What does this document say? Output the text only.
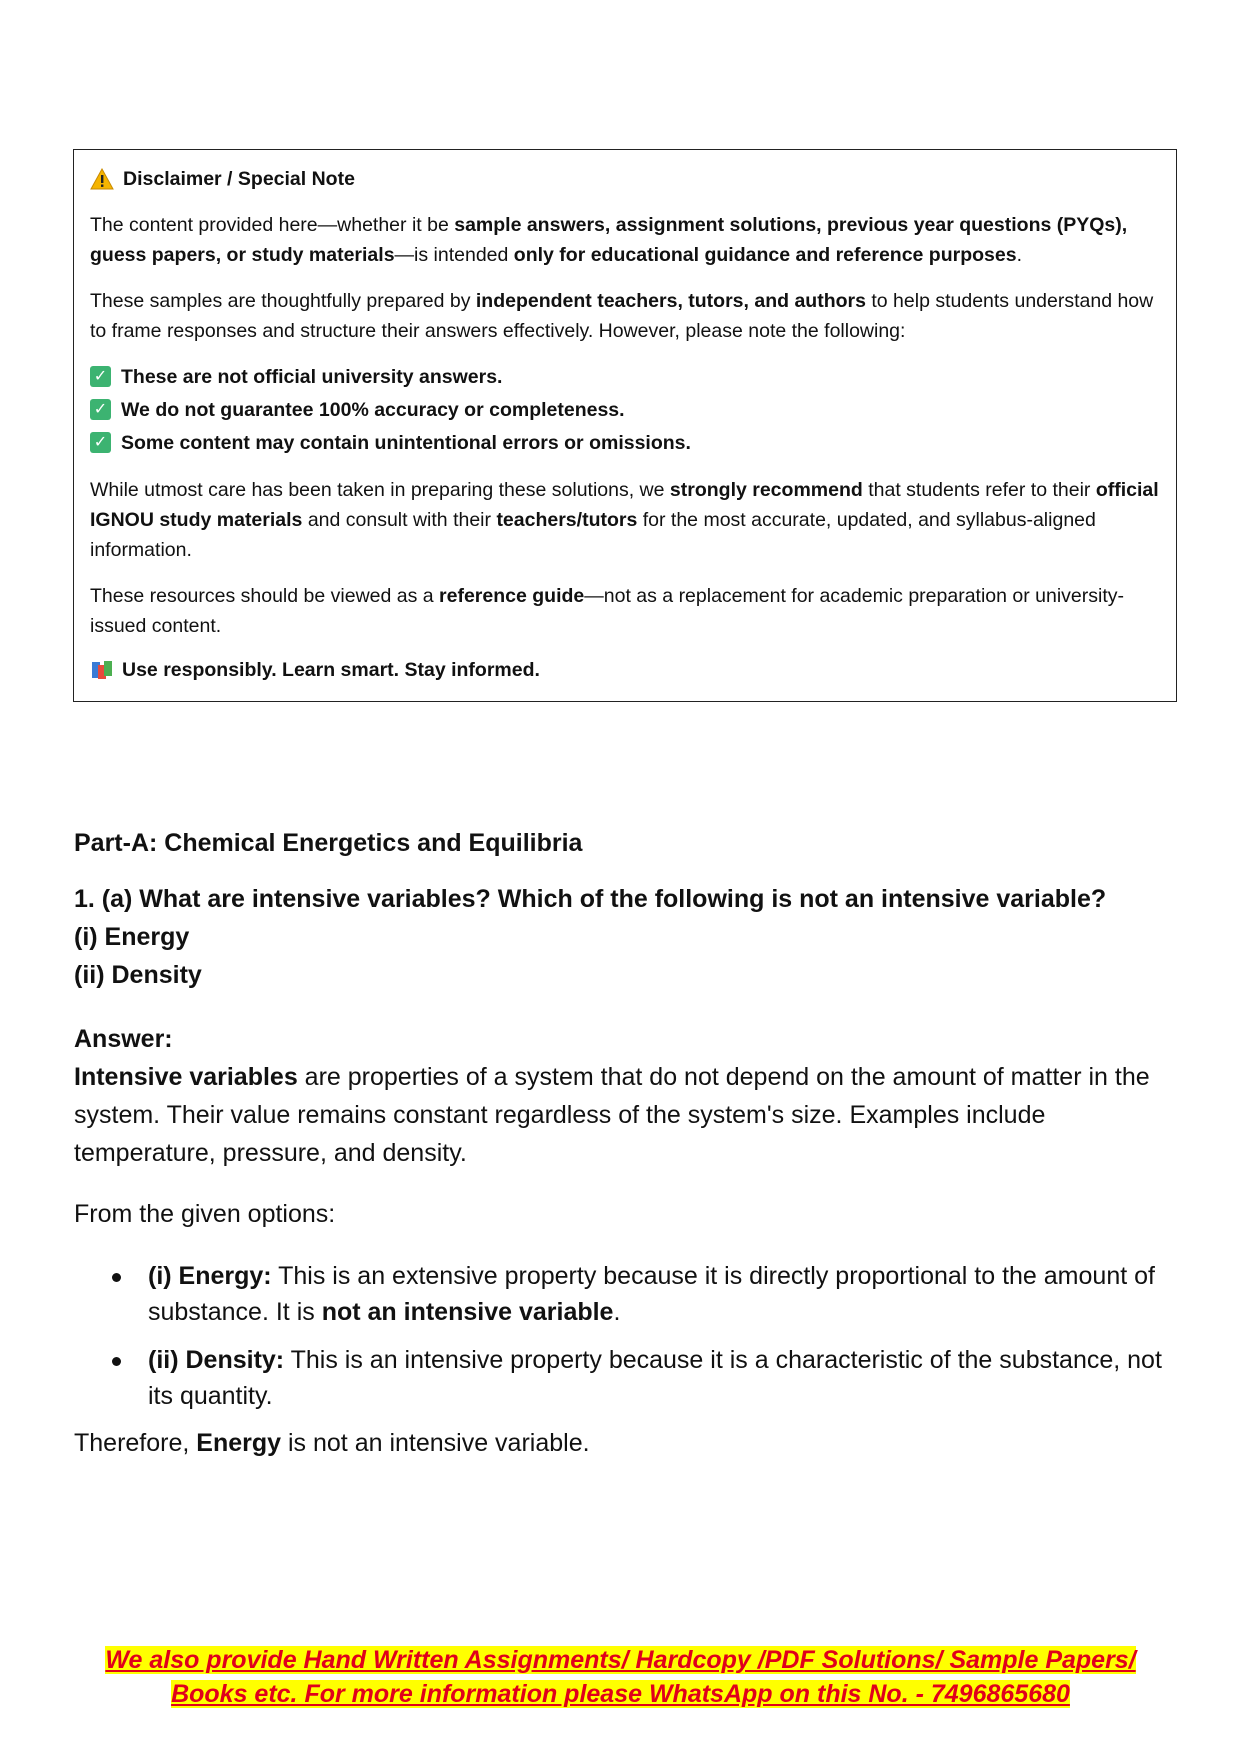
Disclaimer / Special Note

The content provided here—whether it be sample answers, assignment solutions, previous year questions (PYQs), guess papers, or study materials—is intended only for educational guidance and reference purposes.

These samples are thoughtfully prepared by independent teachers, tutors, and authors to help students understand how to frame responses and structure their answers effectively. However, please note the following:

✓ These are not official university answers.
✓ We do not guarantee 100% accuracy or completeness.
✓ Some content may contain unintentional errors or omissions.

While utmost care has been taken in preparing these solutions, we strongly recommend that students refer to their official IGNOU study materials and consult with their teachers/tutors for the most accurate, updated, and syllabus-aligned information.

These resources should be viewed as a reference guide—not as a replacement for academic preparation or university-issued content.

Use responsibly. Learn smart. Stay informed.
Part-A: Chemical Energetics and Equilibria
1. (a) What are intensive variables? Which of the following is not an intensive variable?
(i) Energy
(ii) Density
Answer:
Intensive variables are properties of a system that do not depend on the amount of matter in the system. Their value remains constant regardless of the system's size. Examples include temperature, pressure, and density.
From the given options:
(i) Energy: This is an extensive property because it is directly proportional to the amount of substance. It is not an intensive variable.
(ii) Density: This is an intensive property because it is a characteristic of the substance, not its quantity.
Therefore, Energy is not an intensive variable.
We also provide Hand Written Assignments/ Hardcopy /PDF Solutions/ Sample Papers/
Books etc. For more information please WhatsApp on this No. - 7496865680
